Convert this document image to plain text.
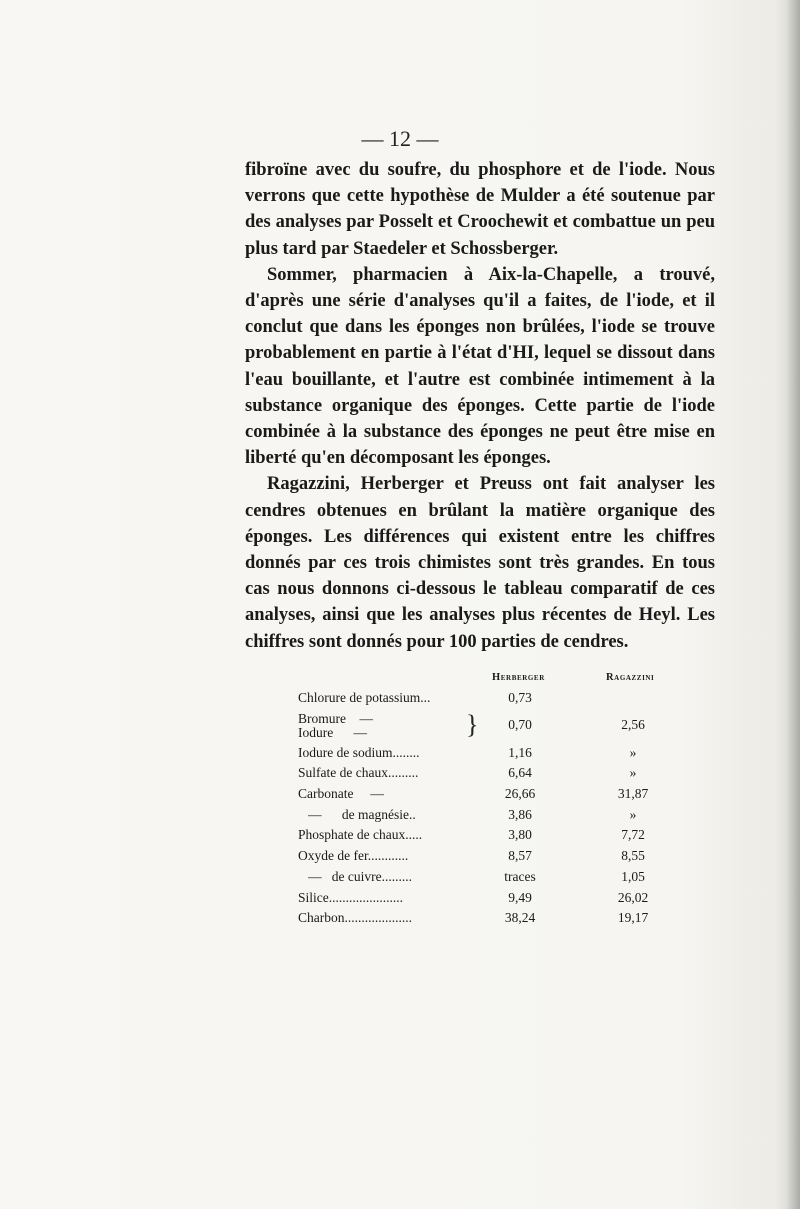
— 12 —

fibroïne avec du soufre, du phosphore et de l'iode. Nous verrons que cette hypothèse de Mulder a été soutenue par des analyses par Posselt et Croochewit et combattue un peu plus tard par Staedeler et Schossberger.

Sommer, pharmacien à Aix-la-Chapelle, a trouvé, d'après une série d'analyses qu'il a faites, de l'iode, et il conclut que dans les éponges non brûlées, l'iode se trouve probablement en partie à l'état d'HI, lequel se dissout dans l'eau bouillante, et l'autre est combinée intimement à la substance organique des éponges. Cette partie de l'iode combinée à la substance des éponges ne peut être mise en liberté qu'en décomposant les éponges.

Ragazzini, Herberger et Preuss ont fait analyser les cendres obtenues en brûlant la matière organique des éponges. Les différences qui existent entre les chiffres donnés par ces trois chimistes sont très grandes. En tous cas nous donnons ci-dessous le tableau comparatif de ces analyses, ainsi que les analyses plus récentes de Heyl. Les chiffres sont donnés pour 100 parties de cendres.

Herberger	Ragazzini
Chlorure de potassium...	0,73
Bromure    —
Iodure      —	}	0,70	2,56
Iodure de sodium........	1,16	»
Sulfate de chaux.........	6,64	»
Carbonate     —	26,66	31,87
—      de magnésie..	3,86	»
Phosphate de chaux.....	3,80	7,72
Oxyde de fer............	8,57	8,55
—   de cuivre.........	traces	1,05
Silice......................	9,49	26,02
Charbon....................	38,24	19,17
